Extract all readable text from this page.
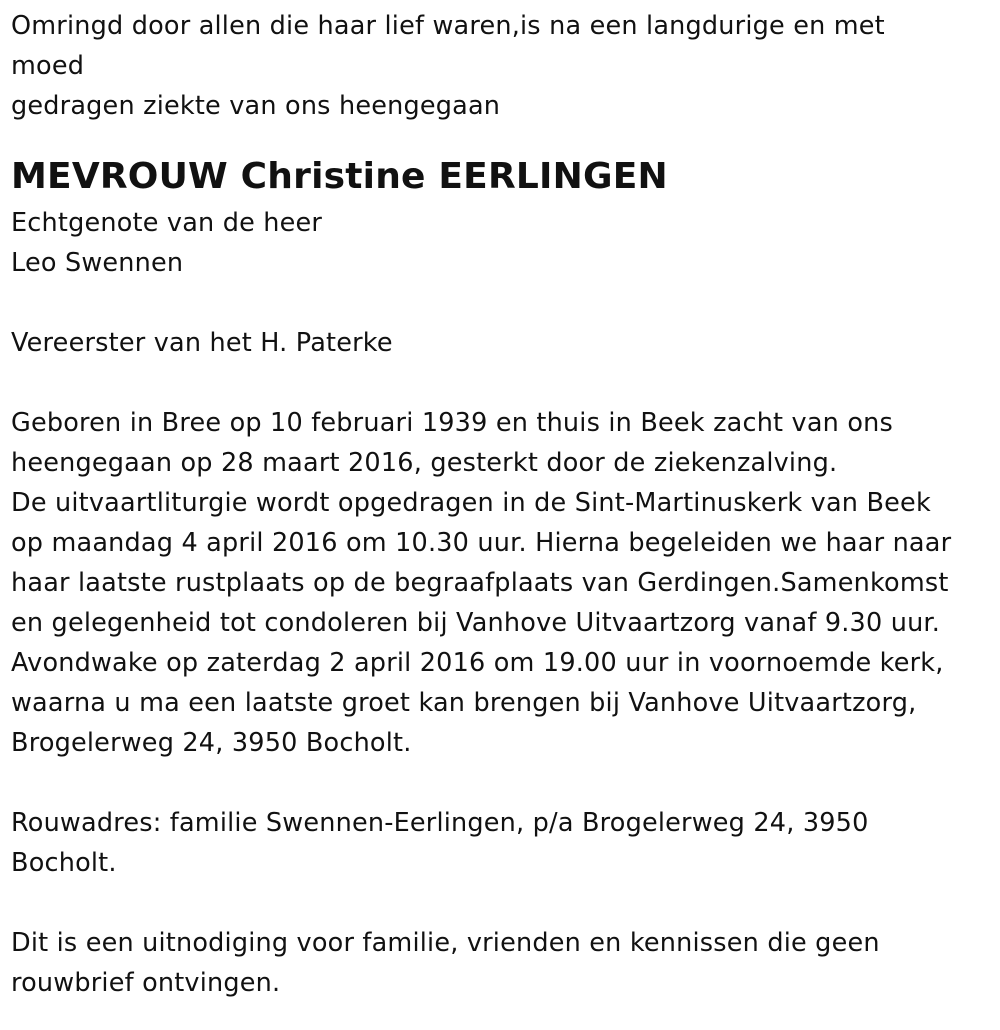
Omringd door allen die haar lief waren,is na een langdurige en met
moed
gedragen ziekte van ons heengegaan
MEVROUW Christine EERLINGEN
Echtgenote van de heer
Leo Swennen
Vereerster van het H. Paterke
Geboren in Bree op 10 februari 1939 en thuis in Beek zacht van ons
heengegaan op 28 maart 2016, gesterkt door de ziekenzalving.
De uitvaartliturgie wordt opgedragen in de Sint-Martinuskerk van Beek
op maandag 4 april 2016 om 10.30 uur. Hierna begeleiden we haar naar
haar laatste rustplaats op de begraafplaats van Gerdingen.Samenkomst
en gelegenheid tot condoleren bij Vanhove Uitvaartzorg vanaf 9.30 uur.
Avondwake op zaterdag 2 april 2016 om 19.00 uur in voornoemde kerk,
waarna u ma een laatste groet kan brengen bij Vanhove Uitvaartzorg,
Brogelerweg 24, 3950 Bocholt.
Rouwadres: familie Swennen-Eerlingen, p/a Brogelerweg 24, 3950
Bocholt.
Dit is een uitnodiging voor familie, vrienden en kennissen die geen
rouwbrief ontvingen.
